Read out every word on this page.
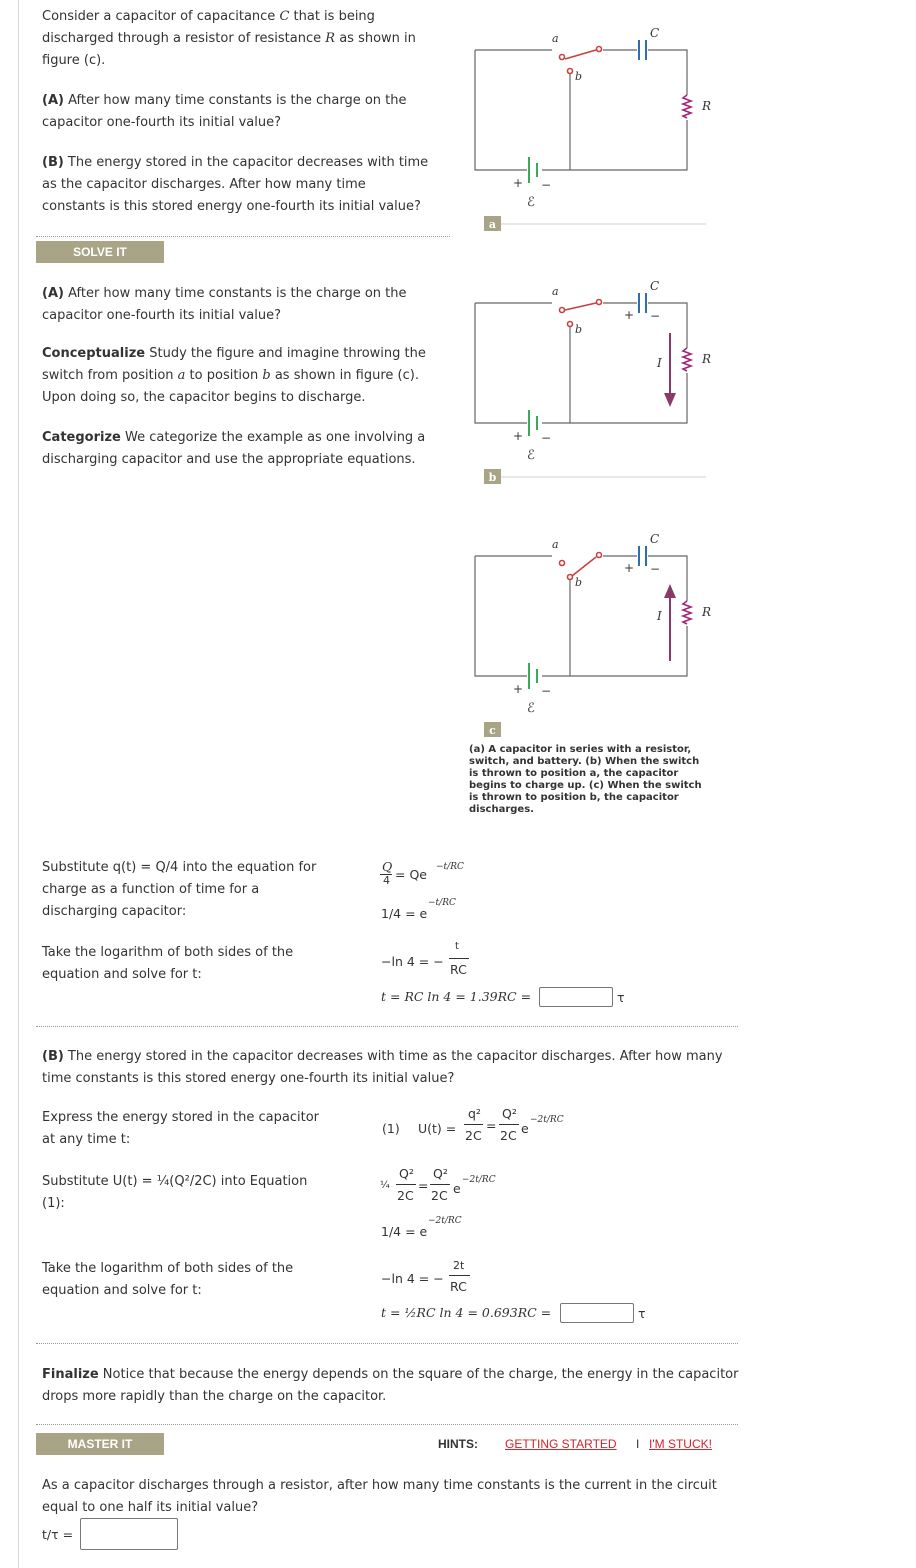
Consider a capacitor of capacitance C that is being
discharged through a resistor of resistance R as shown in
figure (c).
(A) After how many time constants is the charge on the
capacitor one-fourth its initial value?
(B) The energy stored in the capacitor decreases with time
as the capacitor discharges. After how many time
constants is this stored energy one-fourth its initial value?
SOLVE IT
(A) After how many time constants is the charge on the
capacitor one-fourth its initial value?
Conceptualize Study the figure and imagine throwing the
switch from position a to position b as shown in figure (c).
Upon doing so, the capacitor begins to discharge.
Categorize We categorize the example as one involving a
discharging capacitor and use the appropriate equations.
a
b
C
R
+ −
ℰ
a
a
b
C
+ −
I	R
+ −
ℰ
b
a
b
C
+ −
I	R
+ −
ℰ
c
(a) A capacitor in series with a resistor,
switch, and battery. (b) When the switch
is thrown to position a, the capacitor
begins to charge up. (c) When the switch
is thrown to position b, the capacitor
discharges.
Substitute q(t) = Q/4 into the equation for
charge as a function of time for a
discharging capacitor:
Q
4 = Qe −t/RC
1/4 = e
−t/RC
Take the logarithm of both sides of the
equation and solve for t:
−ln 4 = −
t
RC
t = RC ln 4 = 1.39RC =	τ
(B) The energy stored in the capacitor decreases with time as the capacitor discharges. After how many
time constants is this stored energy one-fourth its initial value?
Express the energy stored in the capacitor
at any time t:
(1) U(t) =
q²
2C
=
Q²
2C e
−2t/RC
Substitute U(t) = ¼(Q²/2C) into Equation
(1):
¼
Q²
2C
=
Q²
2C e
−2t/RC
1/4 = e
−2t/RC
Take the logarithm of both sides of the
equation and solve for t:
−ln 4 = −
2t
RC
t = ½RC ln 4 = 0.693RC =	τ
Finalize Notice that because the energy depends on the square of the charge, the energy in the capacitor
drops more rapidly than the charge on the capacitor.
MASTER IT	HINTS: GETTING STARTED I I'M STUCK!
As a capacitor discharges through a resistor, after how many time constants is the current in the circuit
equal to one half its initial value?
t/τ =
